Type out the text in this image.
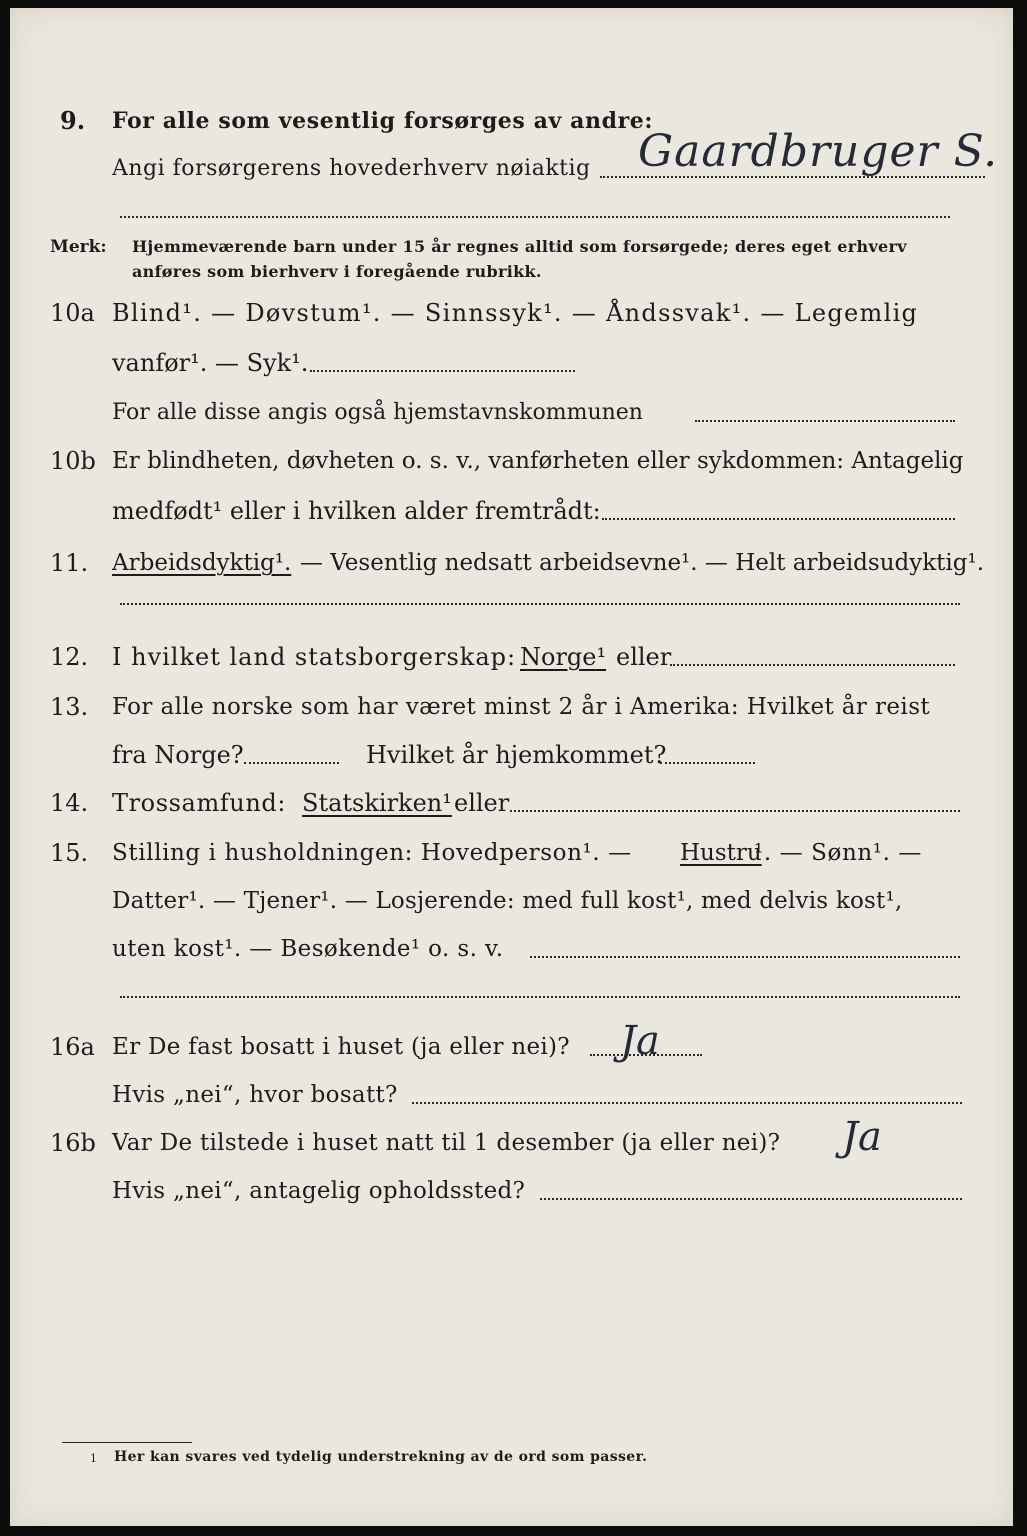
9. For alle som vesentlig forsørges av andre:
Angi forsørgerens hovederhverv nøiaktig Gaardbruger S.
Merk: Hjemmeværende barn under 15 år regnes alltid som forsørgede; deres eget erhverv
anføres som bierhverv i foregående rubrikk.
10a Blind¹. — Døvstum¹. — Sinnssyk¹. — Åndssvak¹. — Legemlig
vanfør¹. — Syk¹.
For alle disse angis også hjemstavnskommunen
10b Er blindheten, døvheten o. s. v., vanførheten eller sykdommen: Antagelig
medfødt¹ eller i hvilken alder fremtrådt:
11. Arbeidsdyktig¹. — Vesentlig nedsatt arbeidsevne¹. — Helt arbeidsudyktig¹.
12. I hvilket land statsborgerskap: Norge¹ eller
13. For alle norske som har været minst 2 år i Amerika: Hvilket år reist
fra Norge?	Hvilket år hjemkommet?
14. Trossamfund: Statskirken¹ eller
15. Stilling i husholdningen: Hovedperson¹. — Hustru
¹. — Sønn¹. —
Datter¹. — Tjener¹. — Losjerende: med full kost¹, med delvis kost¹,
uten kost¹. — Besøkende¹ o. s. v.
16a Er De fast bosatt i huset (ja eller nei)? Ja
Hvis „nei“, hvor bosatt?
16b Var De tilstede i huset natt til 1 desember (ja eller nei)? Ja
Hvis „nei“, antagelig opholdssted?
1 Her kan svares ved tydelig understrekning av de ord som passer.
